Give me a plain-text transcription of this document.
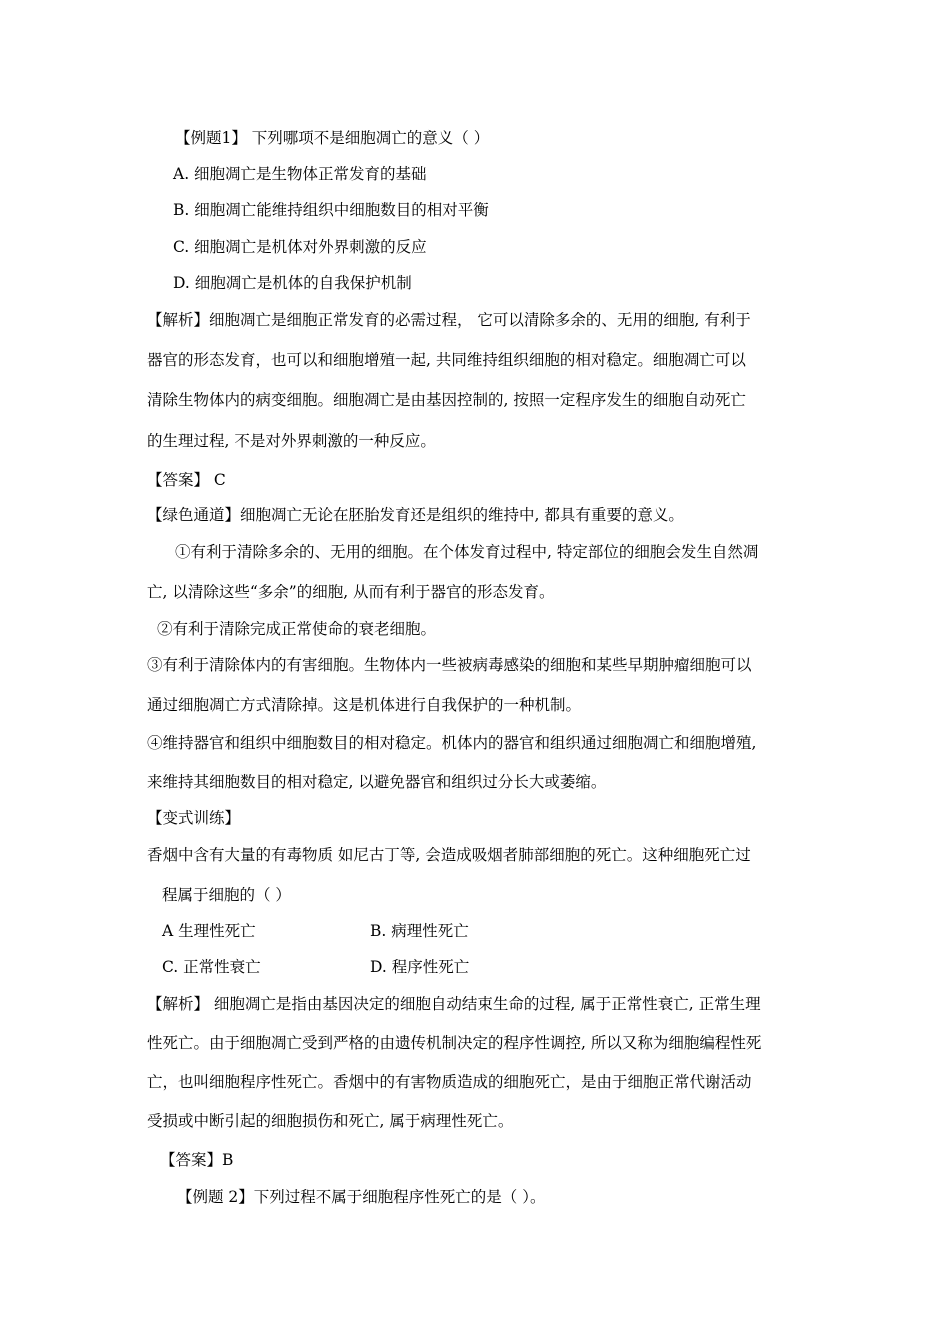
【例题1】 下列哪项不是细胞凋亡的意义（ ）
A. 细胞凋亡是生物体正常发育的基础
B. 细胞凋亡能维持组织中细胞数目的相对平衡
C. 细胞凋亡是机体对外界刺激的反应
D. 细胞凋亡是机体的自我保护机制
【解析】细胞凋亡是细胞正常发育的必需过程， 它可以清除多余的、无用的细胞, 有利于
器官的形态发育，也可以和细胞增殖一起, 共同维持组织细胞的相对稳定。细胞凋亡可以
清除生物体内的病变细胞。细胞凋亡是由基因控制的, 按照一定程序发生的细胞自动死亡
的生理过程, 不是对外界刺激的一种反应。
【答案】 C
【绿色通道】细胞凋亡无论在胚胎发育还是组织的维持中, 都具有重要的意义。
①有利于清除多余的、无用的细胞。在个体发育过程中, 特定部位的细胞会发生自然凋
亡, 以清除这些“多余”的细胞, 从而有利于器官的形态发育。
②有利于清除完成正常使命的衰老细胞。
③有利于清除体内的有害细胞。生物体内一些被病毒感染的细胞和某些早期肿瘤细胞可以
通过细胞凋亡方式清除掉。这是机体进行自我保护的一种机制。
④维持器官和组织中细胞数目的相对稳定。机体内的器官和组织通过细胞凋亡和细胞增殖,
来维持其细胞数目的相对稳定, 以避免器官和组织过分长大或萎缩。
【变式训练】
香烟中含有大量的有毒物质 如尼古丁等, 会造成吸烟者肺部细胞的死亡。这种细胞死亡过
程属于细胞的（ ）
A 生理性死亡	B. 病理性死亡
C. 正常性衰亡	D. 程序性死亡
【解析】 细胞凋亡是指由基因决定的细胞自动结束生命的过程, 属于正常性衰亡, 正常生理
性死亡。由于细胞凋亡受到严格的由遗传机制决定的程序性调控, 所以又称为细胞编程性死
亡，也叫细胞程序性死亡。香烟中的有害物质造成的细胞死亡，是由于细胞正常代谢活动
受损或中断引起的细胞损伤和死亡, 属于病理性死亡。
【答案】B
【例题 2】下列过程不属于细胞程序性死亡的是（ ）。
